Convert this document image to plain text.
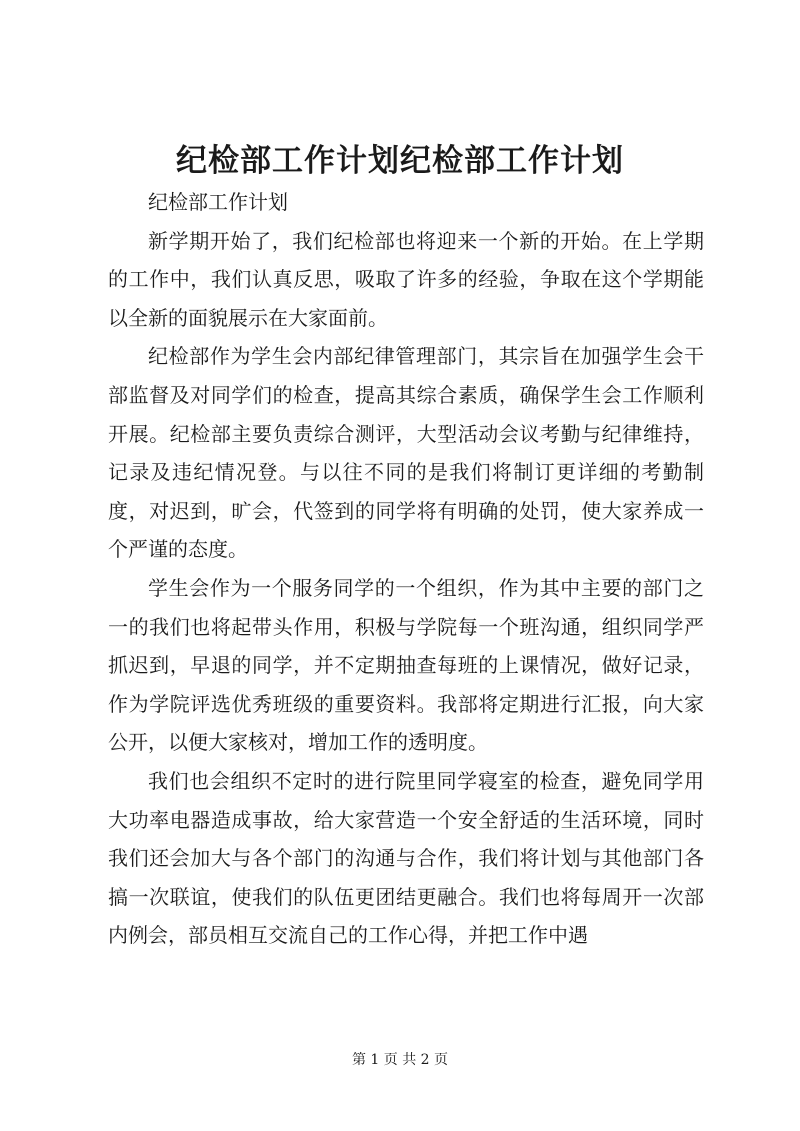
纪检部工作计划纪检部工作计划

纪检部工作计划

新学期开始了，我们纪检部也将迎来一个新的开始。在上学期的工作中，我们认真反思，吸取了许多的经验，争取在这个学期能以全新的面貌展示在大家面前。

纪检部作为学生会内部纪律管理部门，其宗旨在加强学生会干部监督及对同学们的检查，提高其综合素质，确保学生会工作顺利开展。纪检部主要负责综合测评，大型活动会议考勤与纪律维持，记录及违纪情况登。与以往不同的是我们将制订更详细的考勤制度，对迟到，旷会，代签到的同学将有明确的处罚，使大家养成一个严谨的态度。

学生会作为一个服务同学的一个组织，作为其中主要的部门之一的我们也将起带头作用，积极与学院每一个班沟通，组织同学严抓迟到，早退的同学，并不定期抽查每班的上课情况，做好记录，作为学院评选优秀班级的重要资料。我部将定期进行汇报，向大家公开，以便大家核对，增加工作的透明度。

我们也会组织不定时的进行院里同学寝室的检查，避免同学用大功率电器造成事故，给大家营造一个安全舒适的生活环境，同时我们还会加大与各个部门的沟通与合作，我们将计划与其他部门各搞一次联谊，使我们的队伍更团结更融合。我们也将每周开一次部内例会，部员相互交流自己的工作心得，并把工作中遇

第 1 页 共 2 页
